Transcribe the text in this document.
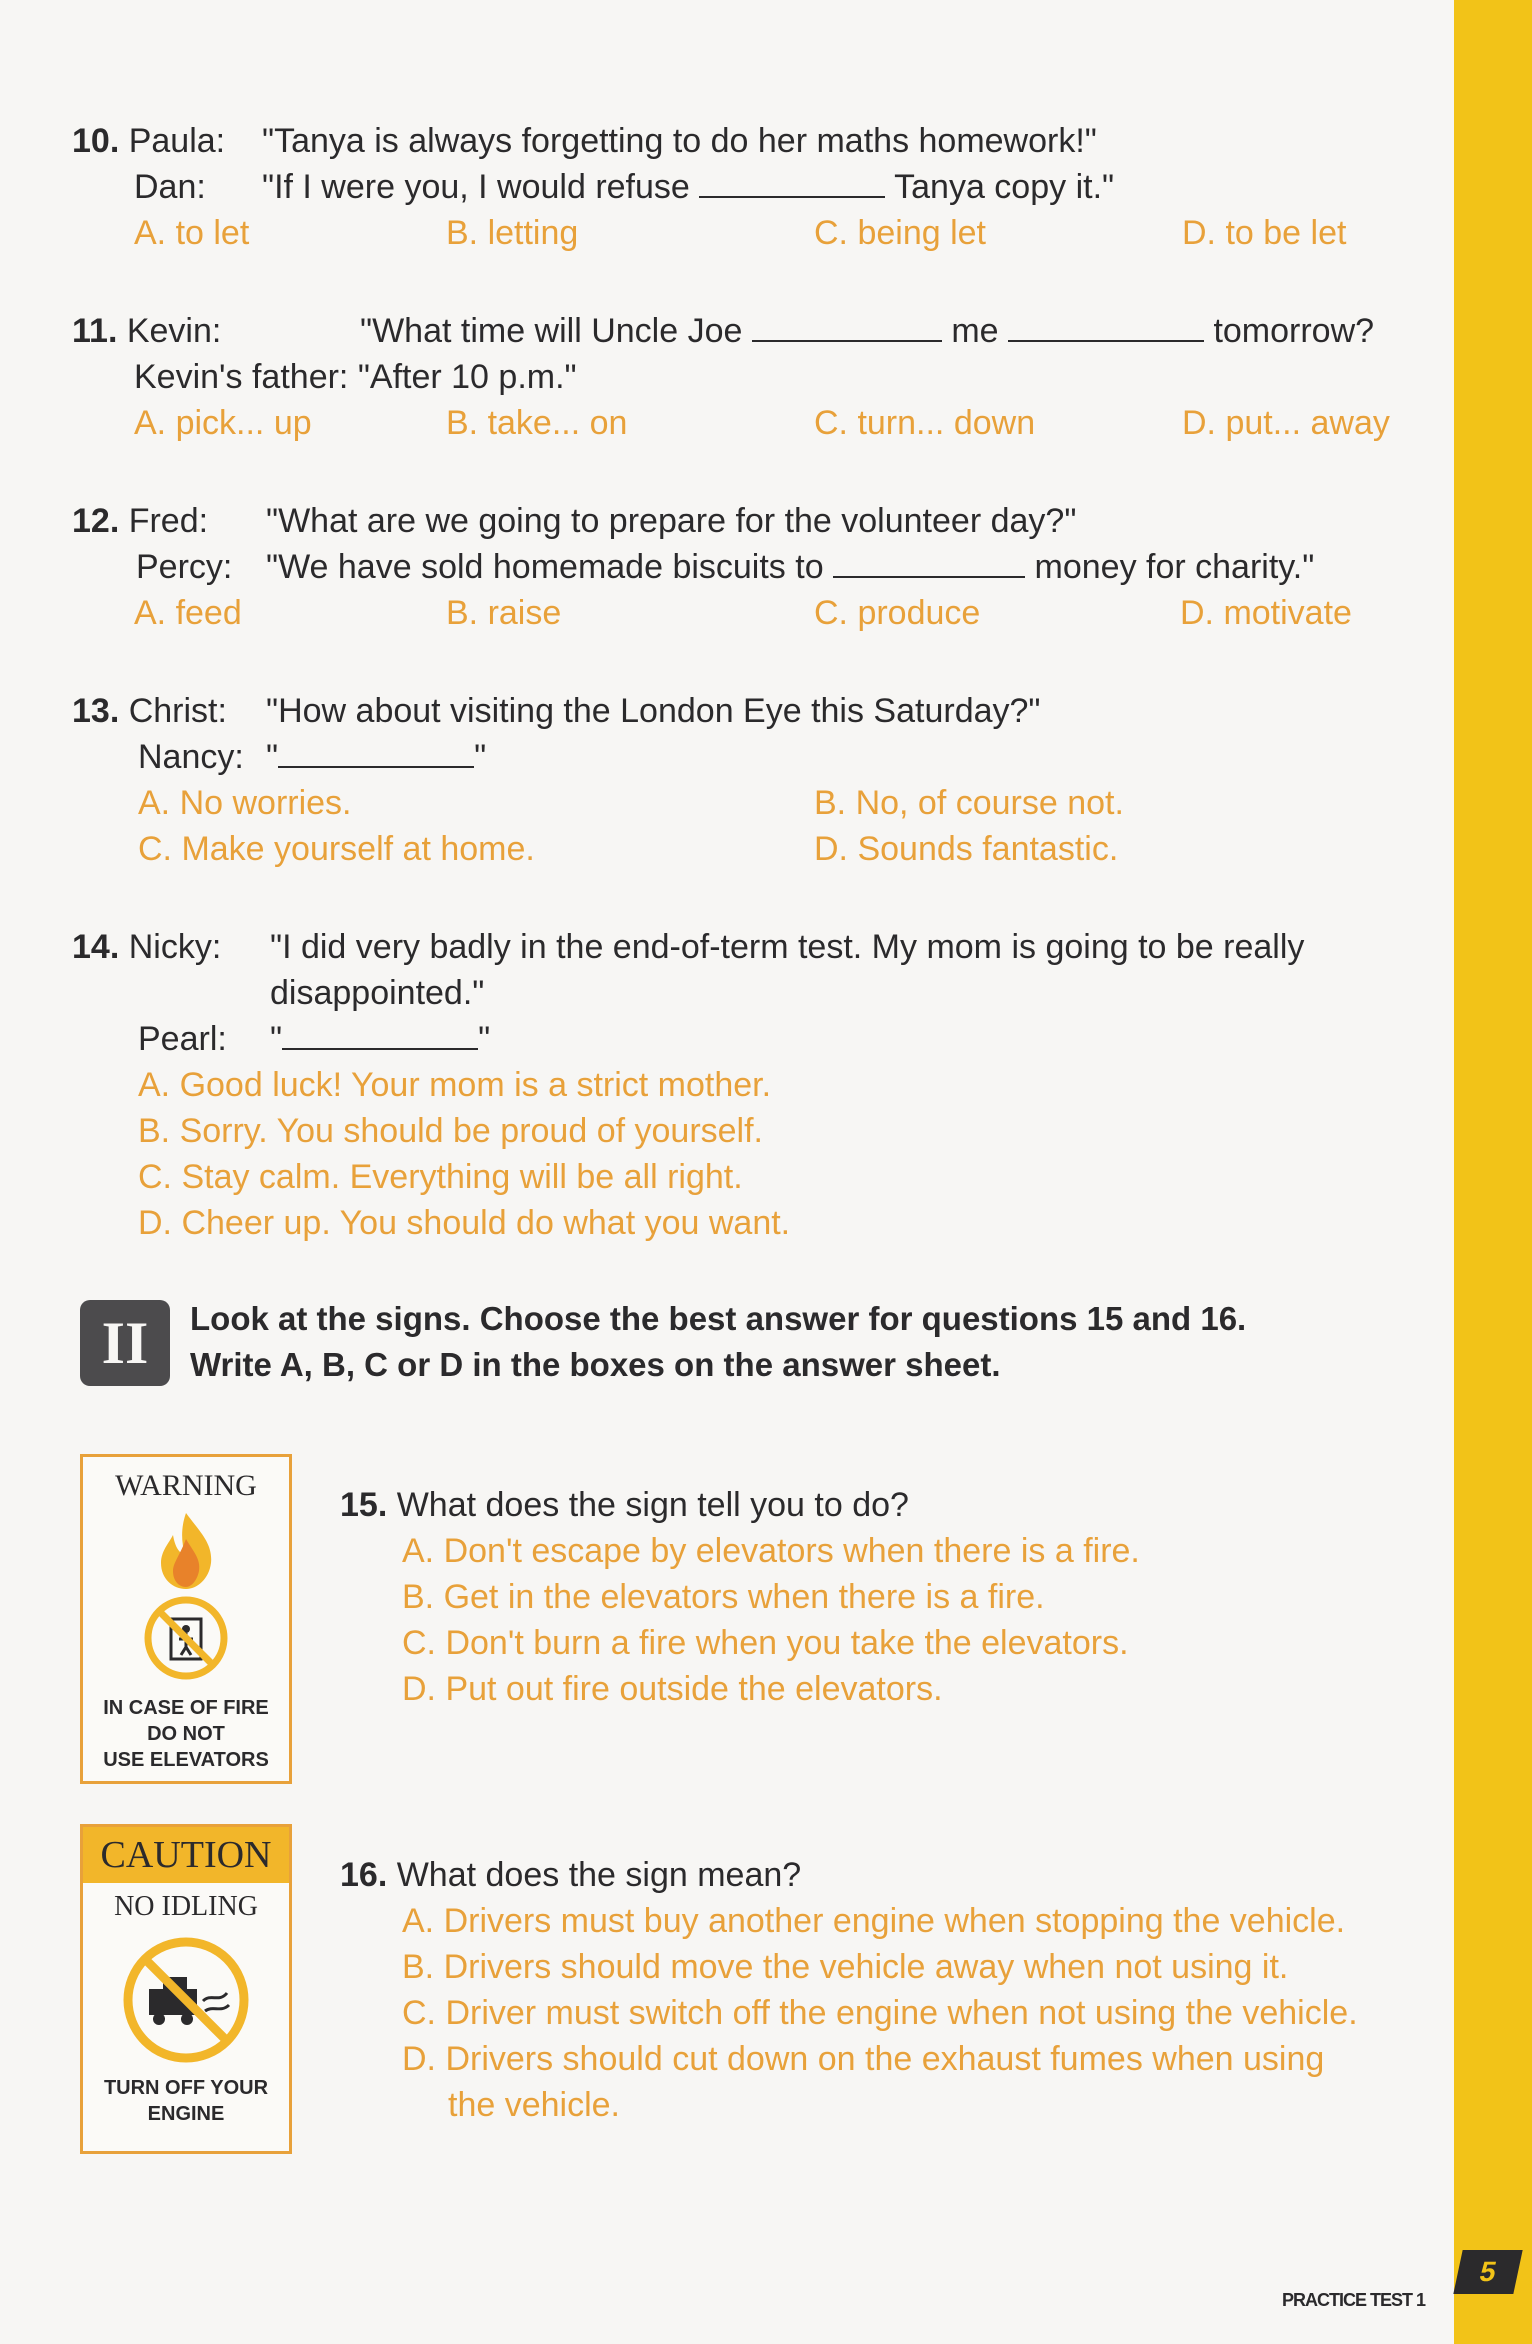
10. Paula: "Tanya is always forgetting to do her maths homework!"
Dan: "If I were you, I would refuse	Tanya copy it."
A. to let	B. letting	C. being let	D. to be let
11. Kevin:	"What time will Uncle Joe	me	tomorrow?
Kevin's father: "After 10 p.m."
A. pick... up	B. take... on	C. turn... down	D. put... away
12. Fred: "What are we going to prepare for the volunteer day?"
Percy: "We have sold homemade biscuits to	money for charity."
A. feed	B. raise	C. produce	D. motivate
13. Christ: "How about visiting the London Eye this Saturday?"
Nancy: "	"
A. No worries.	B. No, of course not.
C. Make yourself at home.	D. Sounds fantastic.
14. Nicky: "I did very badly in the end-of-term test. My mom is going to be really
disappointed."
Pearl: "	"
A. Good luck! Your mom is a strict mother.
B. Sorry. You should be proud of yourself.
C. Stay calm. Everything will be all right.
D. Cheer up. You should do what you want.
II	Look at the signs. Choose the best answer for questions 15 and 16.
Write A, B, C or D in the boxes on the answer sheet.
WARNING
IN CASE OF FIRE
DO NOT
USE ELEVATORS
15. What does the sign tell you to do?
A. Don't escape by elevators when there is a fire.
B. Get in the elevators when there is a fire.
C. Don't burn a fire when you take the elevators.
D. Put out fire outside the elevators.
CAUTION
NO IDLING
TURN OFF YOUR
ENGINE
16. What does the sign mean?
A. Drivers must buy another engine when stopping the vehicle.
B. Drivers should move the vehicle away when not using it.
C. Driver must switch off the engine when not using the vehicle.
D. Drivers should cut down on the exhaust fumes when using
the vehicle.
PRACTICE TEST 1
5
